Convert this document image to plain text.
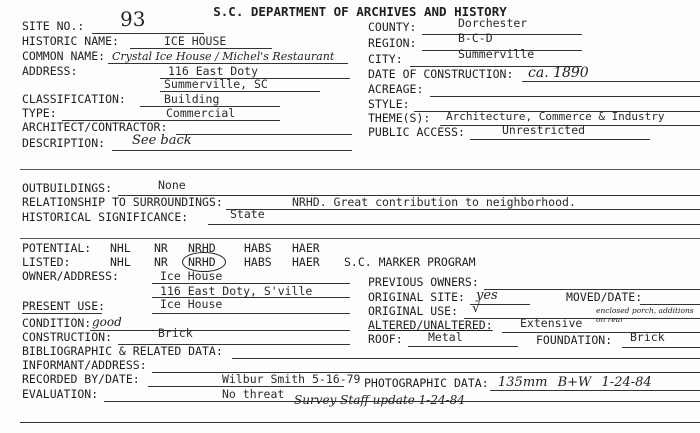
S.C. DEPARTMENT OF ARCHIVES AND HISTORY
SITE NO.: 93
HISTORIC NAME:	ICE HOUSE
COMMON NAME: Crystal Ice House / Michel's Restaurant
ADDRESS:	116 East Doty
Summerville, SC
CLASSIFICATION:	Building
TYPE:	Commercial
ARCHITECT/CONTRACTOR:
DESCRIPTION: See back
COUNTY:	Dorchester
REGION:	B-C-D
CITY:	Summerville
DATE OF CONSTRUCTION: ca. 1890
ACREAGE:
STYLE:
THEME(S): Architecture, Commerce & Industry
PUBLIC ACCESS:	Unrestricted
OUTBUILDINGS:	None
RELATIONSHIP TO SURROUNDINGS:	NRHD. Great contribution to neighborhood.
HISTORICAL SIGNIFICANCE:	State
POTENTIAL: NHL NR NRHD HABS HAER
LISTED:	NHL NR NRHD HABS HAER S.C. MARKER PROGRAM
OWNER/ADDRESS:	Ice House
116 East Doty, S'ville
PREVIOUS OWNERS:
ORIGINAL SITE: yes	MOVED/DATE:
PRESENT USE:	Ice House	ORIGINAL USE: √
CONDITION: good	ALTERED/UNALTERED: Extensive
enclosed porch, additions on rear
CONSTRUCTION:	Brick	ROOF: Metal	FOUNDATION: Brick
BIBLIOGRAPHIC & RELATED DATA:
INFORMANT/ADDRESS:
RECORDED BY/DATE:	Wilbur Smith 5-16-79 PHOTOGRAPHIC DATA: 135mm B+W 1-24-84
EVALUATION:	No threat Survey Staff update 1-24-84
